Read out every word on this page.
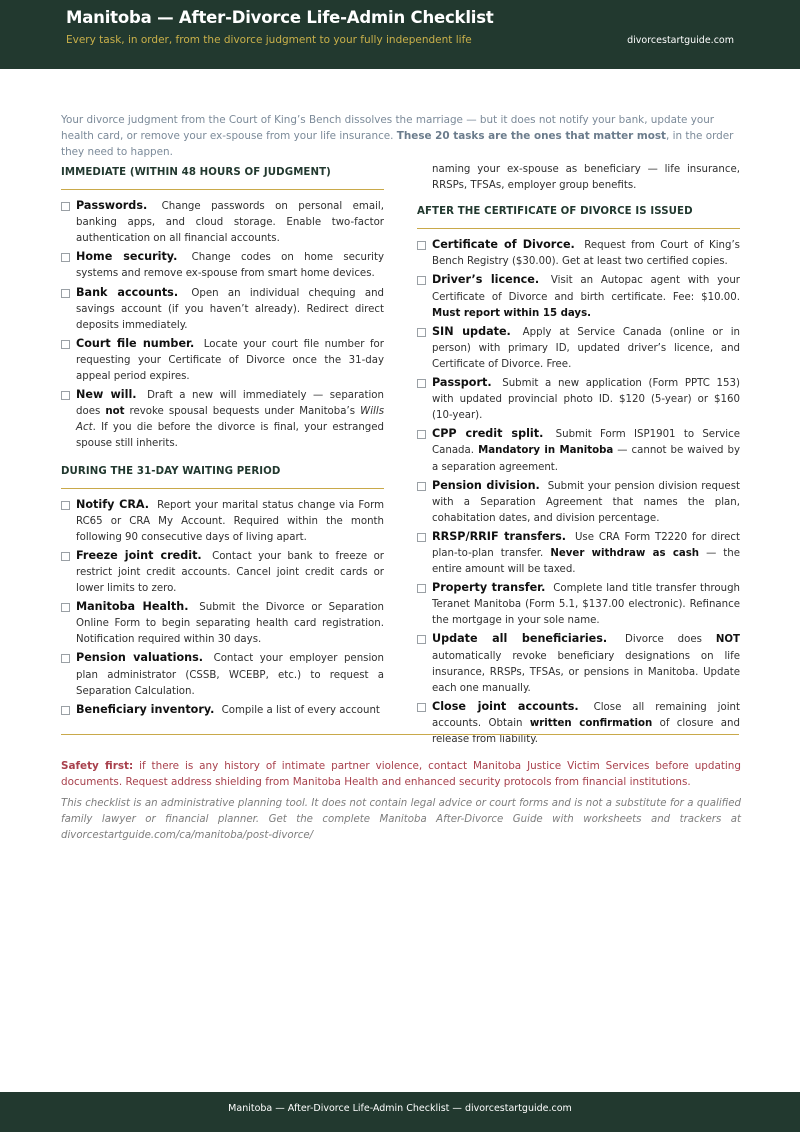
Manitoba — After-Divorce Life-Admin Checklist
Every task, in order, from the divorce judgment to your fully independent life	divorcestartguide.com

Your divorce judgment from the Court of King’s Bench dissolves the marriage — but it does not notify your bank, update your health card, or remove your ex-spouse from your life insurance. These 20 tasks are the ones that matter most, in the order they need to happen.

IMMEDIATE (WITHIN 48 HOURS OF JUDGMENT)
Passwords. Change passwords on personal email, banking apps, and cloud storage. Enable two-factor authentication on all financial accounts.
Home security. Change codes on home security systems and remove ex-spouse from smart home devices.
Bank accounts. Open an individual chequing and savings account (if you haven’t already). Redirect direct deposits immediately.
Court file number. Locate your court file number for requesting your Certificate of Divorce once the 31-day appeal period expires.
New will. Draft a new will immediately — separation does not revoke spousal bequests under Manitoba’s Wills Act. If you die before the divorce is final, your estranged spouse still inherits.
DURING THE 31-DAY WAITING PERIOD
Notify CRA. Report your marital status change via Form RC65 or CRA My Account. Required within the month following 90 consecutive days of living apart.
Freeze joint credit. Contact your bank to freeze or restrict joint credit accounts. Cancel joint credit cards or lower limits to zero.
Manitoba Health. Submit the Divorce or Separation Online Form to begin separating health card registration. Notification required within 30 days.
Pension valuations. Contact your employer pension plan administrator (CSSB, WCEBP, etc.) to request a Separation Calculation.
Beneficiary inventory. Compile a list of every account
naming your ex-spouse as beneficiary — life insurance, RRSPs, TFSAs, employer group benefits.
AFTER THE CERTIFICATE OF DIVORCE IS ISSUED
Certificate of Divorce. Request from Court of King’s Bench Registry ($30.00). Get at least two certified copies.
Driver’s licence. Visit an Autopac agent with your Certificate of Divorce and birth certificate. Fee: $10.00. Must report within 15 days.
SIN update. Apply at Service Canada (online or in person) with primary ID, updated driver’s licence, and Certificate of Divorce. Free.
Passport. Submit a new application (Form PPTC 153) with updated provincial photo ID. $120 (5-year) or $160 (10-year).
CPP credit split. Submit Form ISP1901 to Service Canada. Mandatory in Manitoba — cannot be waived by a separation agreement.
Pension division. Submit your pension division request with a Separation Agreement that names the plan, cohabitation dates, and division percentage.
RRSP/RRIF transfers. Use CRA Form T2220 for direct plan-to-plan transfer. Never withdraw as cash — the entire amount will be taxed.
Property transfer. Complete land title transfer through Teranet Manitoba (Form 5.1, $137.00 electronic). Refinance the mortgage in your sole name.
Update all beneficiaries. Divorce does NOT automatically revoke beneficiary designations on life insurance, RRSPs, TFSAs, or pensions in Manitoba. Update each one manually.
Close joint accounts. Close all remaining joint accounts. Obtain written confirmation of closure and release from liability.

Safety first: if there is any history of intimate partner violence, contact Manitoba Justice Victim Services before updating documents. Request address shielding from Manitoba Health and enhanced security protocols from financial institutions.

This checklist is an administrative planning tool. It does not contain legal advice or court forms and is not a substitute for a qualified family lawyer or financial planner. Get the complete Manitoba After-Divorce Guide with worksheets and trackers at divorcestartguide.com/ca/manitoba/post-divorce/

Manitoba — After-Divorce Life-Admin Checklist — divorcestartguide.com
